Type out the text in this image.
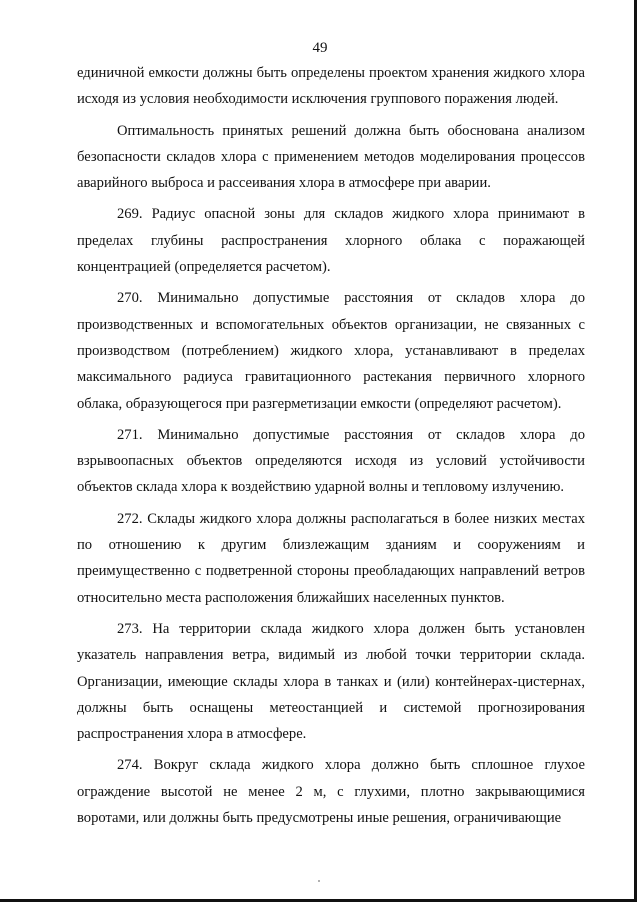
49

единичной емкости должны быть определены проектом хранения жидкого хлора исходя из условия необходимости исключения группового поражения людей.

Оптимальность принятых решений должна быть обоснована анализом безопасности складов хлора с применением методов моделирования процессов аварийного выброса и рассеивания хлора в атмосфере при аварии.

269. Радиус опасной зоны для складов жидкого хлора принимают в пределах глубины распространения хлорного облака с поражающей концентрацией (определяется расчетом).

270. Минимально допустимые расстояния от складов хлора до производственных и вспомогательных объектов организации, не связанных с производством (потреблением) жидкого хлора, устанавливают в пределах максимального радиуса гравитационного растекания первичного хлорного облака, образующегося при разгерметизации емкости (определяют расчетом).

271. Минимально допустимые расстояния от складов хлора до взрывоопасных объектов определяются исходя из условий устойчивости объектов склада хлора к воздействию ударной волны и тепловому излучению.

272. Склады жидкого хлора должны располагаться в более низких местах по отношению к другим близлежащим зданиям и сооружениям и преимущественно с подветренной стороны преобладающих направлений ветров относительно места расположения ближайших населенных пунктов.

273. На территории склада жидкого хлора должен быть установлен указатель направления ветра, видимый из любой точки территории склада. Организации, имеющие склады хлора в танках и (или) контейнерах-цистернах, должны быть оснащены метеостанцией и системой прогнозирования распространения хлора в атмосфере.

274. Вокруг склада жидкого хлора должно быть сплошное глухое ограждение высотой не менее 2 м, с глухими, плотно закрывающимися воротами, или должны быть предусмотрены иные решения, ограничивающие
